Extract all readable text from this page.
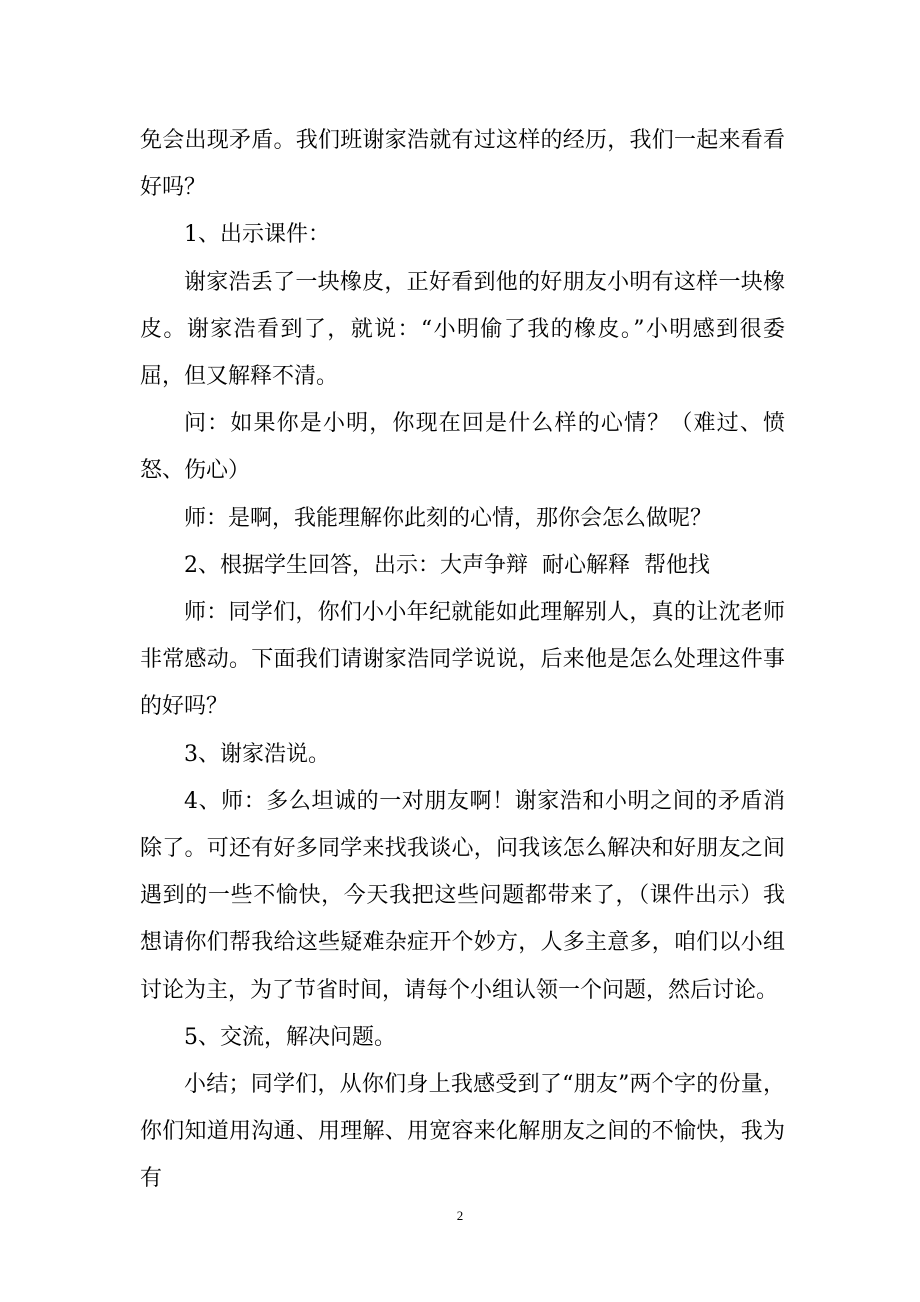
免会出现矛盾。我们班谢家浩就有过这样的经历，我们一起来看看好吗？

1、出示课件：

谢家浩丢了一块橡皮，正好看到他的好朋友小明有这样一块橡皮。谢家浩看到了，就说：“小明偷了我的橡皮。”小明感到很委屈，但又解释不清。

问：如果你是小明，你现在回是什么样的心情？（难过、愤怒、伤心）

师：是啊，我能理解你此刻的心情，那你会怎么做呢？

2、根据学生回答，出示：大声争辩  耐心解释  帮他找

师：同学们，你们小小年纪就能如此理解别人，真的让沈老师非常感动。下面我们请谢家浩同学说说，后来他是怎么处理这件事的好吗？

3、谢家浩说。

4、师：多么坦诚的一对朋友啊！谢家浩和小明之间的矛盾消除了。可还有好多同学来找我谈心，问我该怎么解决和好朋友之间遇到的一些不愉快，今天我把这些问题都带来了，（课件出示）我想请你们帮我给这些疑难杂症开个妙方，人多主意多，咱们以小组讨论为主，为了节省时间，请每个小组认领一个问题，然后讨论。

5、交流，解决问题。

小结；同学们，从你们身上我感受到了“朋友”两个字的份量，你们知道用沟通、用理解、用宽容来化解朋友之间的不愉快，我为有

2
